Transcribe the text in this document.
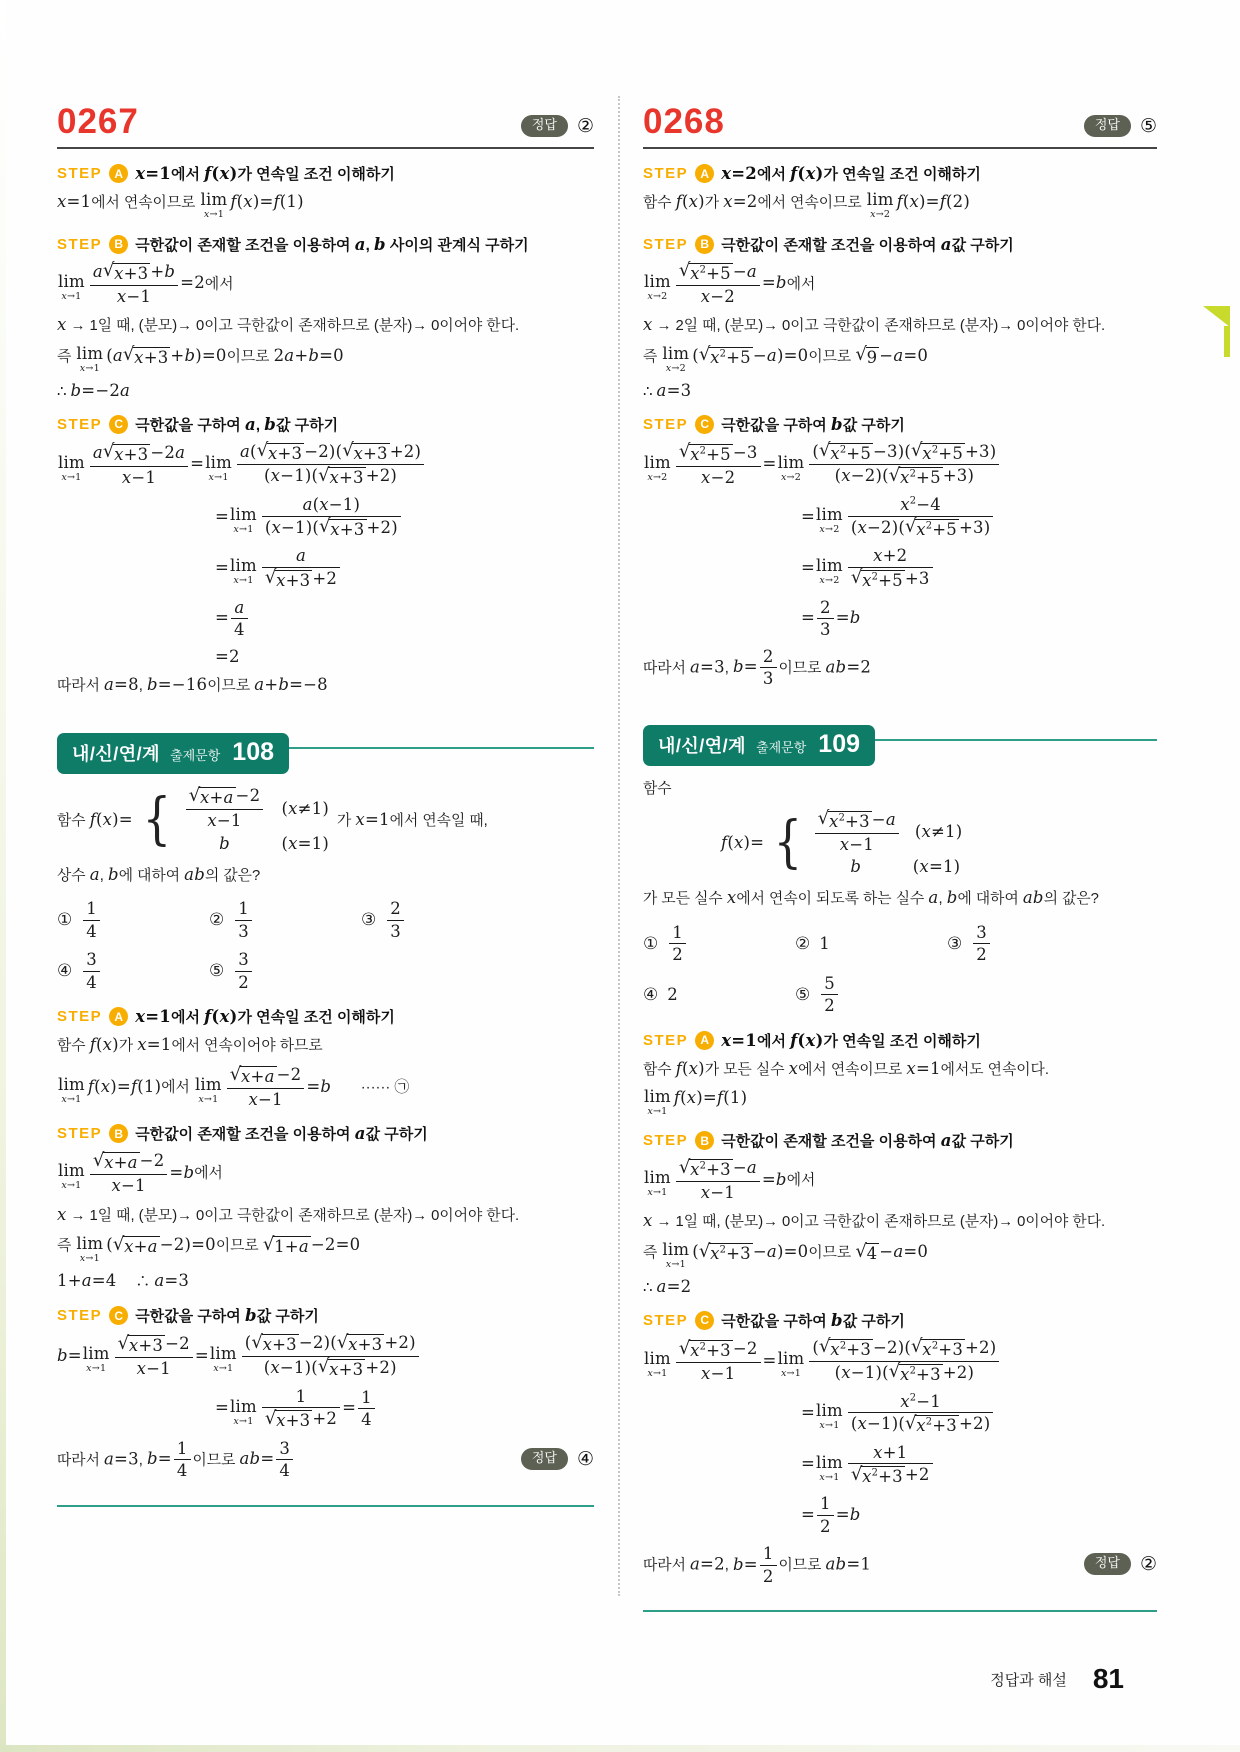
0267	정답	②
STEP	A x=1에서 f(x)가 연속일 조건 이해하기
x=1에서 연속이므로 lim
x→1
f(x)=f(1)
STEP	B 극한값이 존재할 조건을 이용하여 a, b 사이의 관계식 구하기
lim
$x\to 1 \frac{a √ x+3 +b}{x-1} =2$에서
x → 1일 때, (분모)→ 0이고 극한값이 존재하므로 (분자)→ 0이어야 한다.
즉 lim
x→1
(a √ x+3 +b)=0이므로 2a+b=0
∴ b=−2a
STEP	C 극한값을 구하여 a, b값 구하기
lim
$x\to 1 \frac{a √ x+3 -2a}{x-1} = \lim$
$x\to 1 \frac{a( √ x+3 -2)( √ x+3 +2)}{(x-1)( √ x+3 +2)}$
= lim
$x\to 1 \frac{a(x-1)}{(x-1)( √ x+3 +2)}$
= lim
$x\to 1 \frac{a}{√ x+3 +2}$
= $\frac{a}{4}$
=2
따라서 a=8, b=−16이므로 a+b=−8
내/신/연/계 출제문항 108
함수 f(x)= { $\frac{√ x+a -2}{x-1} (x\ne 1)$
b	(x=1)
가 x=1에서 연속일 때,
상수 a, b에 대하여 ab의 값은?
① $\frac{1}{4}$	② $\frac{1}{3}$	③ $\frac{2}{3}$
④ $\frac{3}{4}$	⑤ $\frac{3}{2}$
STEP	A x=1에서 f(x)가 연속일 조건 이해하기
함수 f(x)가 x=1에서 연속이어야 하므로
lim
x→1
f(x)=f(1)에서 lim
$x\to 1 \frac{√ x+a -2}{x-1} =b$　　······ ㉠
STEP	B 극한값이 존재할 조건을 이용하여 a값 구하기
lim
$x\to 1 \frac{√ x+a -2}{x-1} =b$에서
x → 1일 때, (분모)→ 0이고 극한값이 존재하므로 (분자)→ 0이어야 한다.
즉 lim
x→1
( √ x+a −2)=0이므로 √ 1+a −2=0
1+a=4　 ∴ a=3
STEP	C 극한값을 구하여 b값 구하기
b= lim
$x\to 1 \frac{√ x+3 -2}{x-1} = \lim$
$x\to 1 \frac{( √ x+3 -2)( √ x+3 +2)}{(x-1)( √ x+3 +2)}$
= lim
$x\to 1 \frac{1}{√ x+3 +2} = \frac{1}{4}$
따라서 a=3, $b= \frac{1}{4}$ 이므로 $ab= \frac{3}{4}$	정답	④
0268	정답	⑤
STEP	A x=2에서 f(x)가 연속일 조건 이해하기
함수 f(x)가 x=2에서 연속이므로 lim
x→2
f(x)=f(2)
STEP	B 극한값이 존재할 조건을 이용하여 a값 구하기
lim
$x\to 2 \frac{√ x^2+5 -a}{x-2} =b$에서
x → 2일 때, (분모)→ 0이고 극한값이 존재하므로 (분자)→ 0이어야 한다.
즉 lim
x→2
( √ $x^2+5 -a)=0$이므로 √ 9 −a=0
∴ a=3
STEP	C 극한값을 구하여 b값 구하기
lim
$x\to 2 \frac{√ x^2+5 -3}{x-2} = \lim$
$x\to 2 \frac{( √ x^2+5 -3)( √ x^2+5 +3)}{(x-2)( √ x^2+5 +3)}$
= lim
$x\to 2 \frac{x^2-4}{(x-2)( √ x^2+5 +3)}$
= lim
$x\to 2 \frac{x+2}{√ x^2+5 +3}$
= $\frac{2}{3} =b$
따라서 a=3, $b= \frac{2}{3}$ 이므로 ab=2
내/신/연/계 출제문항 109
함수
f(x)= { $\frac{√ x^2+3 -a}{x-1} (x\ne 1)$
b	(x=1)
가 모든 실수 x에서 연속이 되도록 하는 실수 a, b에 대하여 ab의 값은?
① $\frac{1}{2}$	② 1	③ $\frac{3}{2}$
④ 2	⑤ $\frac{5}{2}$
STEP	A x=1에서 f(x)가 연속일 조건 이해하기
함수 f(x)가 모든 실수 x에서 연속이므로 x=1에서도 연속이다.
lim
x→1
f(x)=f(1)
STEP	B 극한값이 존재할 조건을 이용하여 a값 구하기
lim
$x\to 1 \frac{√ x^2+3 -a}{x-1} =b$에서
x → 1일 때, (분모)→ 0이고 극한값이 존재하므로 (분자)→ 0이어야 한다.
즉 lim
x→1
( √ $x^2+3 -a)=0$이므로 √ 4 −a=0
∴ a=2
STEP	C 극한값을 구하여 b값 구하기
lim
$x\to 1 \frac{√ x^2+3 -2}{x-1} = \lim$
$x\to 1 \frac{( √ x^2+3 -2)( √ x^2+3 +2)}{(x-1)( √ x^2+3 +2)}$
= lim
$x\to 1 \frac{x^2-1}{(x-1)( √ x^2+3 +2)}$
= lim
$x\to 1 \frac{x+1}{√ x^2+3 +2}$
= $\frac{1}{2} =b$
따라서 a=2, $b= \frac{1}{2}$ 이므로 ab=1	정답	②
정답과 해설 81
